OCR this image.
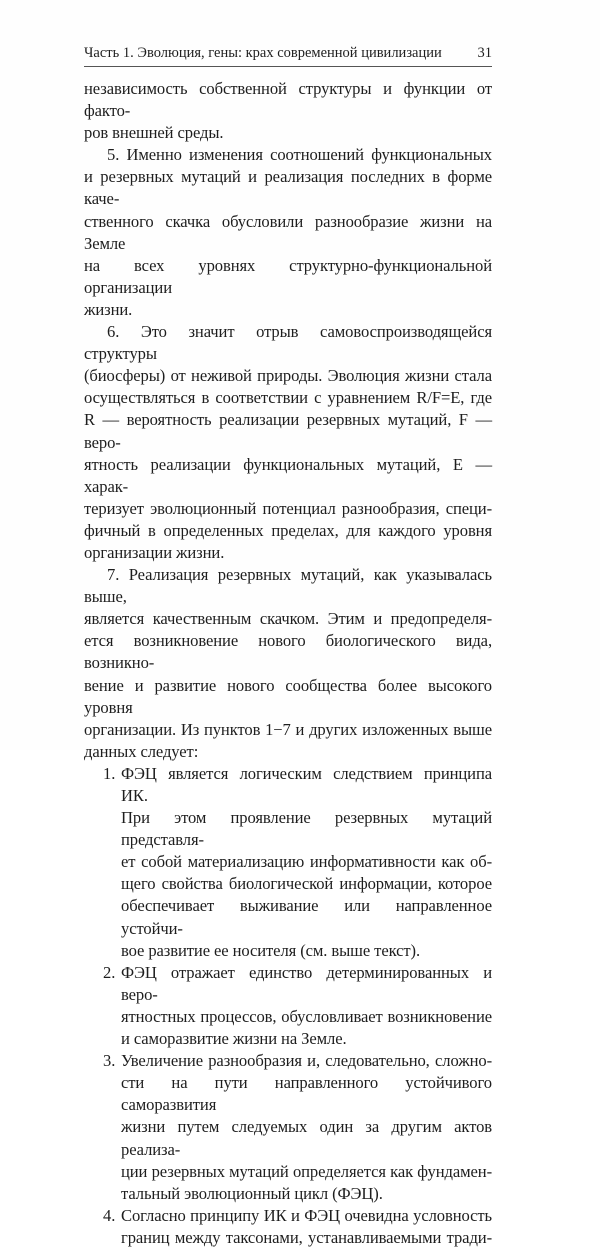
Часть 1. Эволюция, гены: крах современной цивилизации 31

независимость собственной структуры и функции от факто-

ров внешней среды.

5. Именно изменения соотношений функциональных

и резервных мутаций и реализация последних в форме каче-

ственного скачка обусловили разнообразие жизни на Земле

на всех уровнях структурно-функциональной организации

жизни.

6. Это значит отрыв самовоспроизводящейся структуры

(биосферы) от неживой природы. Эволюция жизни стала

осуществляться в соответствии с уравнением R/F=E, где

R — вероятность реализации резервных мутаций, F — веро-

ятность реализации функциональных мутаций, E — харак-

теризует эволюционный потенциал разнообразия, специ-

фичный в определенных пределах, для каждого уровня

организации жизни.

7. Реализация резервных мутаций, как указывалась выше,

является качественным скачком. Этим и предопределя-

ется возникновение нового биологического вида, возникно-

вение и развитие нового сообщества более высокого уровня

организации. Из пунктов 1−7 и других изложенных выше

данных следует:

1. ФЭЦ является логическим следствием принципа ИК.

При этом проявление резервных мутаций представля-

ет собой материализацию информативности как об-

щего свойства биологической информации, которое

обеспечивает выживание или направленное устойчи-

вое развитие ее носителя (см. выше текст).

2. ФЭЦ отражает единство детерминированных и веро-

ятностных процессов, обусловливает возникновение

и саморазвитие жизни на Земле.

3. Увеличение разнообразия и, следовательно, сложно-

сти на пути направленного устойчивого саморазвития

жизни путем следуемых один за другим актов реализа-

ции резервных мутаций определяется как фундамен-

тальный эволюционный цикл (ФЭЦ).

4. Согласно принципу ИК и ФЭЦ очевидна условность

границ между таксонами, устанавливаемыми тради-
